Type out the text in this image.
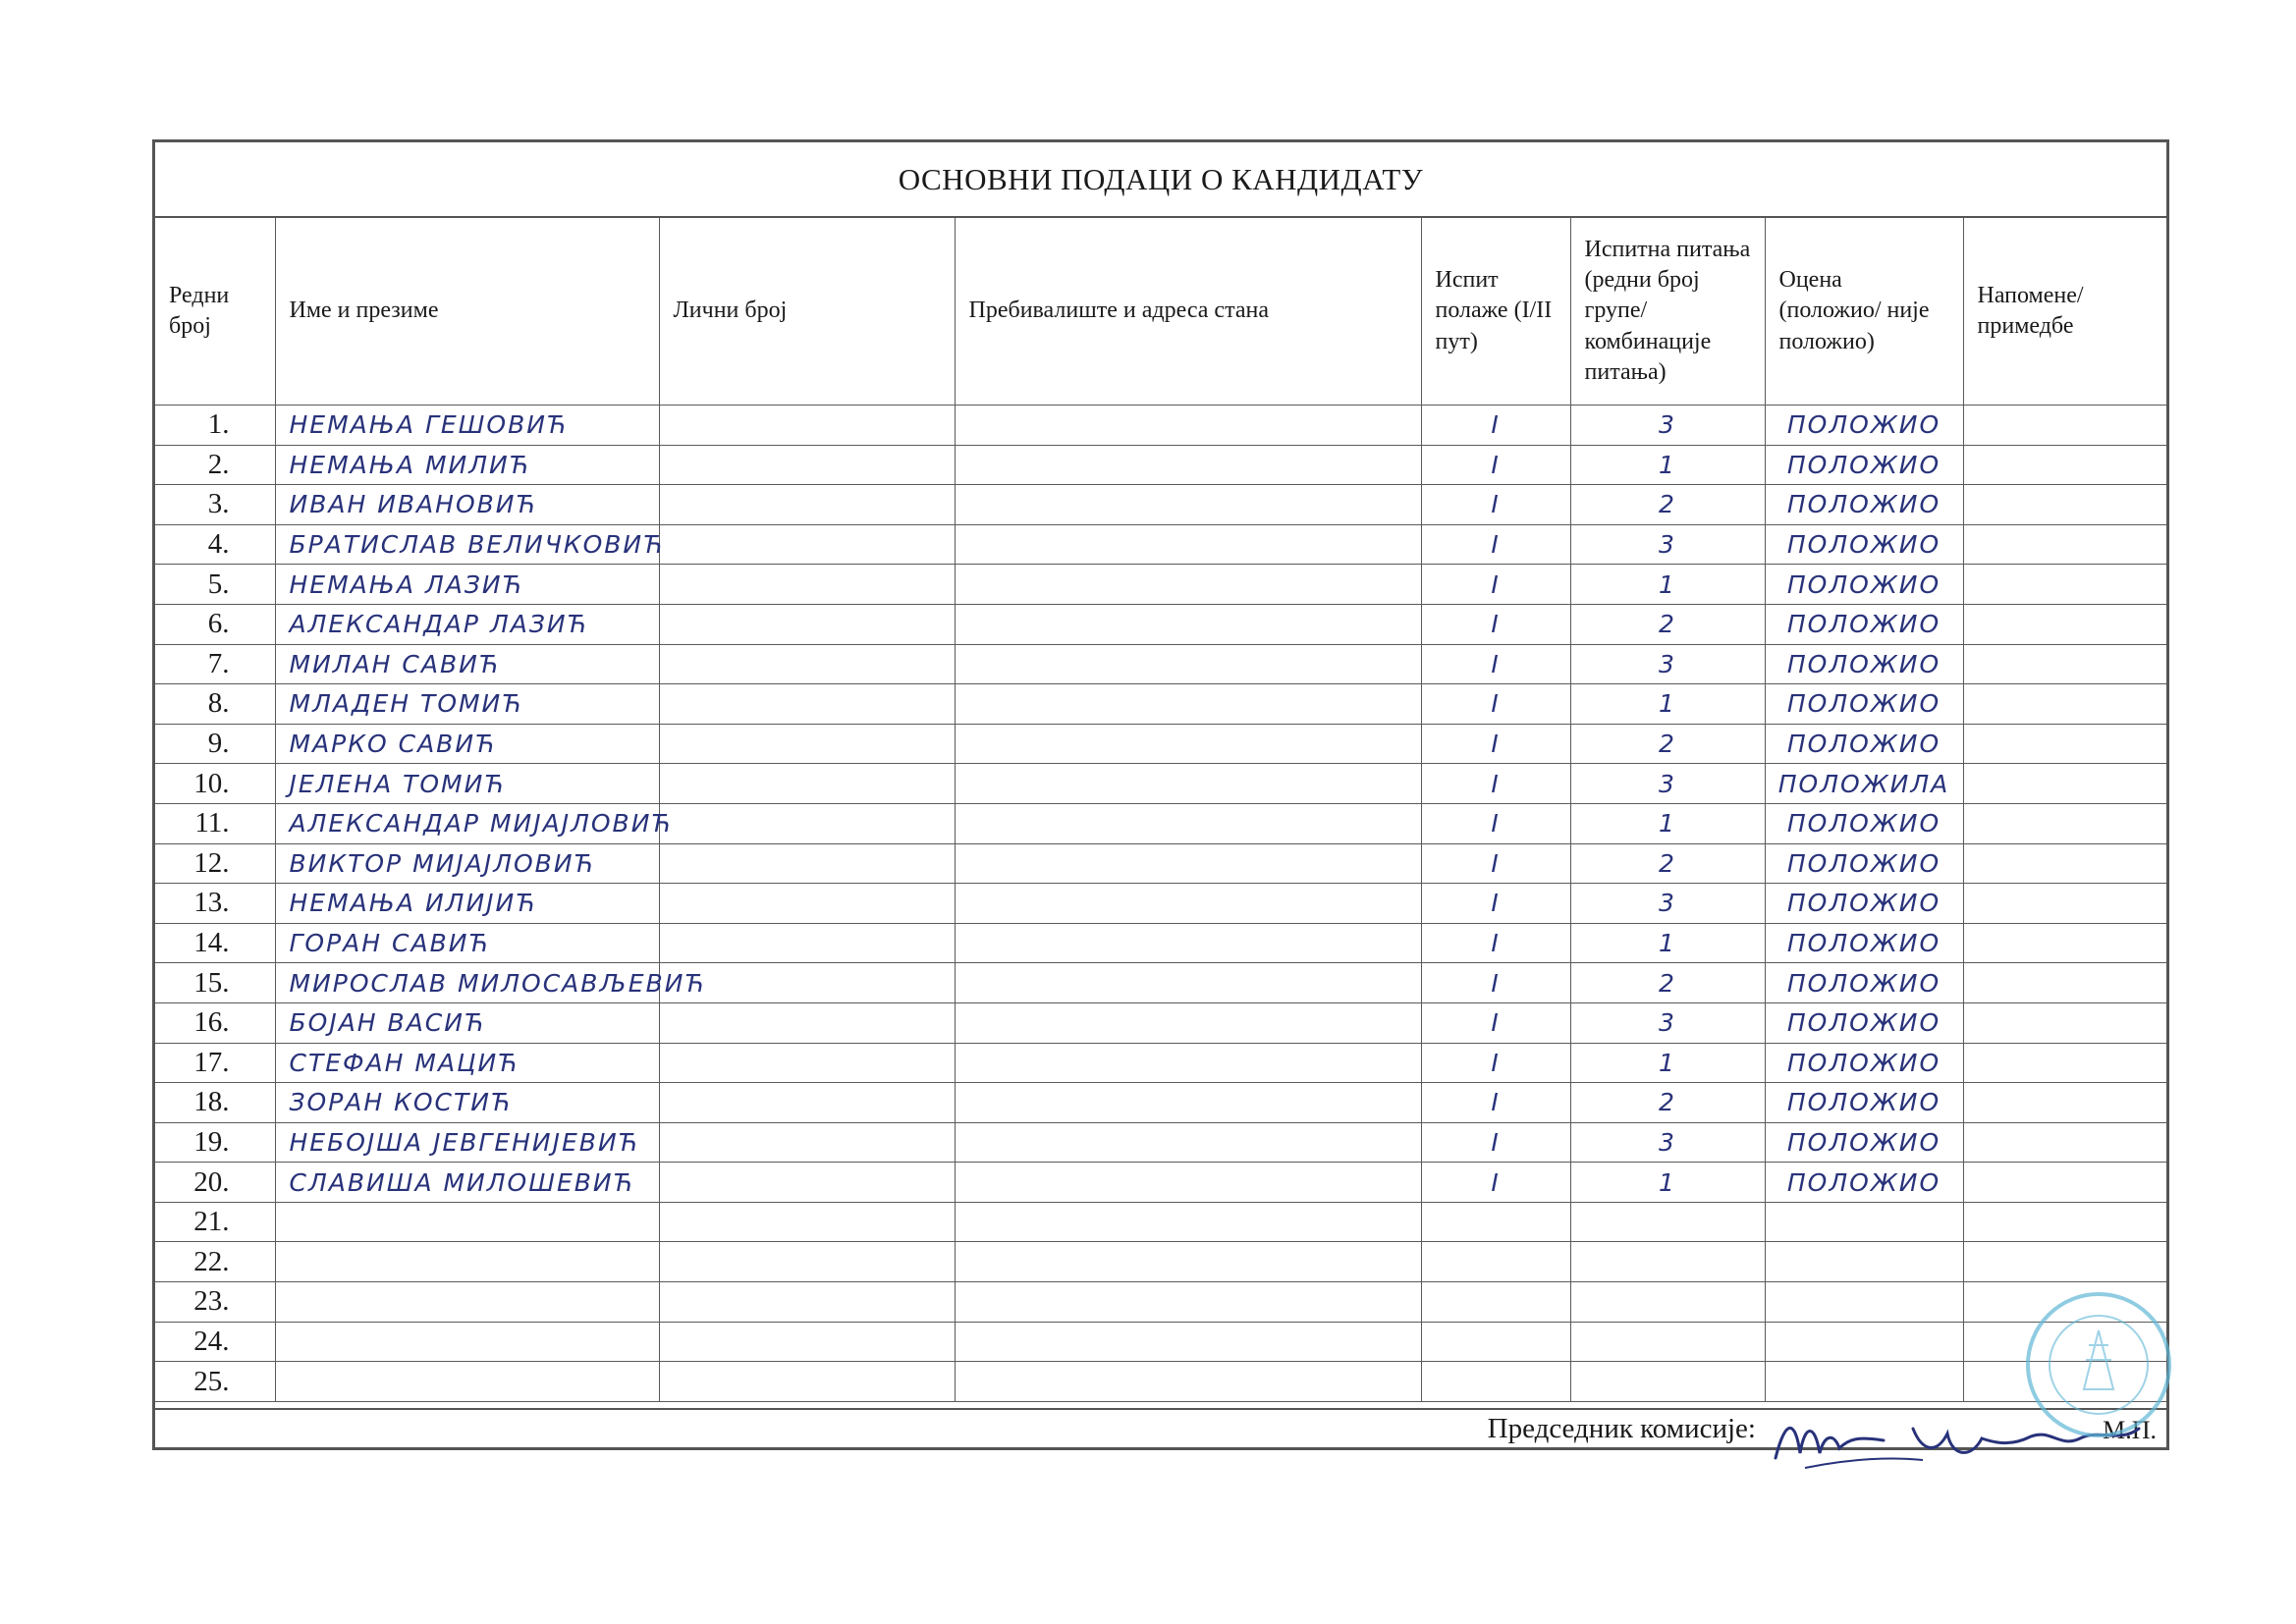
ОСНОВНИ ПОДАЦИ О КАНДИДАТУ
Редни број	Име и презиме	Лични број	Пребивалиште и адреса стана	Испит полаже (I/II пут)	Испитна питања (редни број групе/ комбинације питања)	Оцена (положио/ није положио)	Напомене/ примедбе
1.	НЕМАЊА ГЕШОВИЋ			I	3	ПОЛОЖИО	
2.	НЕМАЊА МИЛИЋ			I	1	ПОЛОЖИО	
3.	ИВАН ИВАНОВИЋ			I	2	ПОЛОЖИО	
4.	БРАТИСЛАВ ВЕЛИЧКОВИЋ			I	3	ПОЛОЖИО	
5.	НЕМАЊА ЛАЗИЋ			I	1	ПОЛОЖИО	
6.	АЛЕКСАНДАР ЛАЗИЋ			I	2	ПОЛОЖИО	
7.	МИЛАН САВИЋ			I	3	ПОЛОЖИО	
8.	МЛАДЕН ТОМИЋ			I	1	ПОЛОЖИО	
9.	МАРКО САВИЋ			I	2	ПОЛОЖИО	
10.	ЈЕЛЕНА ТОМИЋ			I	3	ПОЛОЖИЛА	
11.	АЛЕКСАНДАР МИЈАЈЛОВИЋ			I	1	ПОЛОЖИО	
12.	ВИКТОР МИЈАЈЛОВИЋ			I	2	ПОЛОЖИО	
13.	НЕМАЊА ИЛИЈИЋ			I	3	ПОЛОЖИО	
14.	ГОРАН САВИЋ			I	1	ПОЛОЖИО	
15.	МИРОСЛАВ МИЛОСАВЉЕВИЋ			I	2	ПОЛОЖИО	
16.	БОЈАН ВАСИЋ			I	3	ПОЛОЖИО	
17.	СТЕФАН МАЦИЋ			I	1	ПОЛОЖИО	
18.	ЗОРАН КОСТИЋ			I	2	ПОЛОЖИО	
19.	НЕБОЈША ЈЕВГЕНИЈЕВИЋ			I	3	ПОЛОЖИО	
20.	СЛАВИША МИЛОШЕВИЋ			I	1	ПОЛОЖИО	
21.							
22.							
23.							
24.							
25.							
Председник комисије:	М.П.
